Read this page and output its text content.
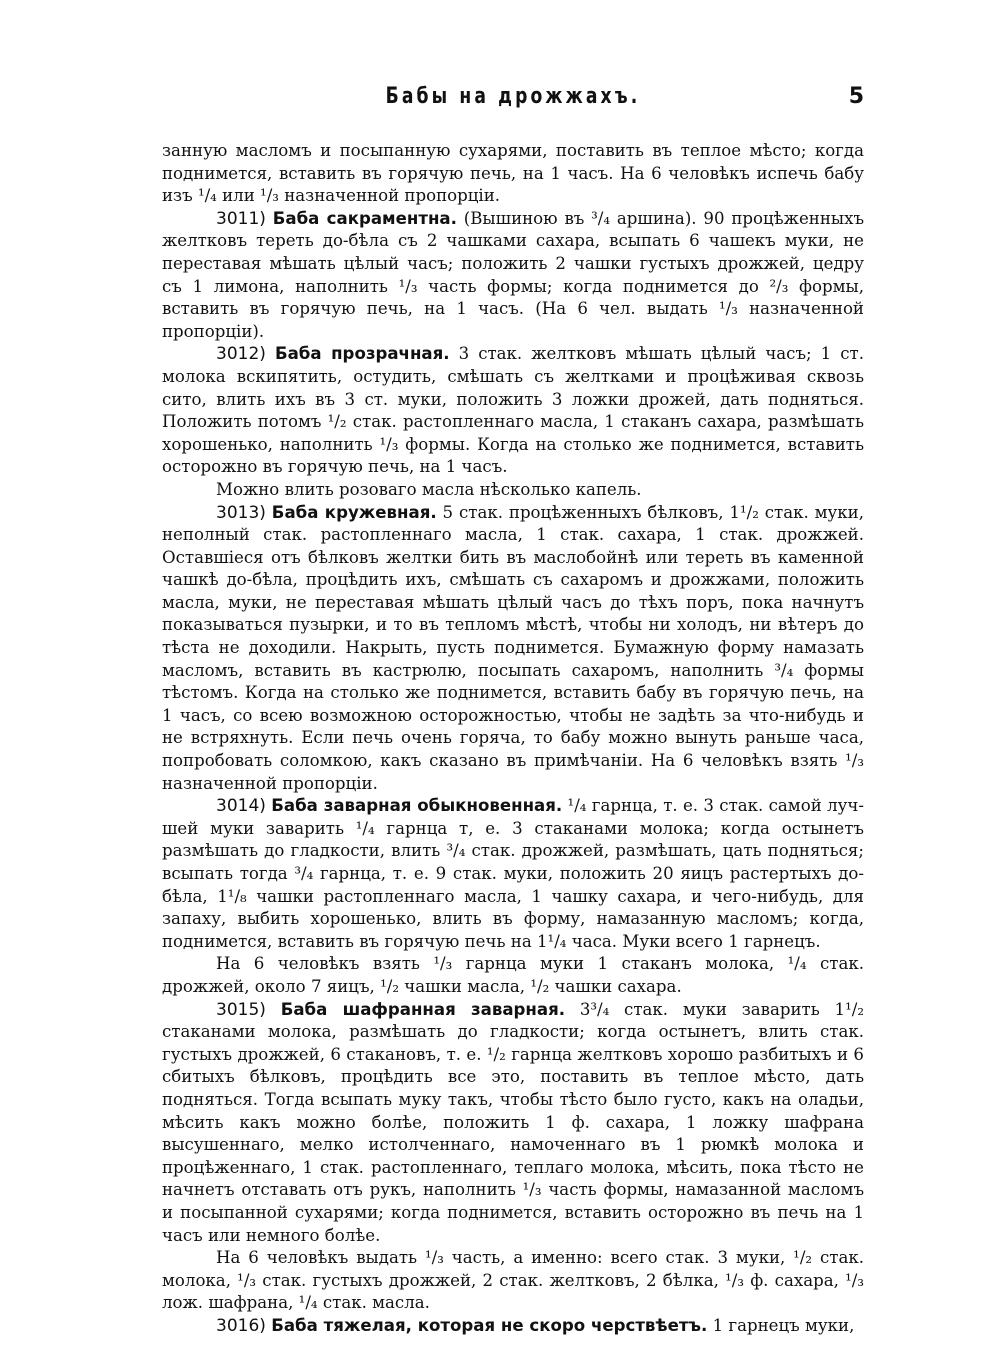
Бабы на дрожжахъ.	5

занную масломъ и посыпанную сухарями, поставить въ теплое мѣсто; когда поднимется, вставить въ горячую печь, на 1 часъ. На 6 человѣкъ испечь бабу изъ ¹/₄ или ¹/₃ назначенной пропорціи.

3011) Баба сакраментна. (Вышиною въ ³/₄ аршина). 90 процѣженныхъ желтковъ тереть до-бѣла съ 2 чашками сахара, всыпать 6 чашекъ муки, не переставая мѣшать цѣлый часъ; положить 2 чашки густыхъ дрожжей, цедру съ 1 лимона, наполнить ¹/₃ часть формы; когда поднимется до ²/₃ формы, вставить въ горячую печь, на 1 часъ. (На 6 чел. выдать ¹/₃ назначенной пропорціи).

3012) Баба прозрачная. 3 стак. желтковъ мѣшать цѣлый часъ; 1 ст. молока вскипятить, остудить, смѣшать съ желтками и процѣживая сквозь сито, влить ихъ въ 3 ст. муки, положить 3 ложки дрожей, дать подняться. Положить потомъ ¹/₂ стак. растопленнаго масла, 1 стаканъ сахара, размѣшать хорошенько, наполнить ¹/₃ формы. Когда на столько же поднимется, вставить осторожно въ горячую печь, на 1 часъ.

Можно влить розоваго масла нѣсколько капель.

3013) Баба кружевная. 5 стак. процѣженныхъ бѣлковъ, 1¹/₂ стак. муки, неполный стак. растопленнаго масла, 1 стак. сахара, 1 стак. дрожжей. Оставшіеся отъ бѣлковъ желтки бить въ маслобойнѣ или тереть въ каменной чашкѣ до-бѣла, процѣдить ихъ, смѣшать съ сахаромъ и дрожжами, положить масла, муки, не переставая мѣшать цѣлый часъ до тѣхъ поръ, пока начнутъ показываться пузырки, и то въ тепломъ мѣстѣ, чтобы ни холодъ, ни вѣтеръ до тѣста не доходили. Накрыть, пусть поднимется. Бумажную форму намазать масломъ, вставить въ кастрюлю, посыпать сахаромъ, наполнить ³/₄ формы тѣстомъ. Когда на столько же поднимется, вставить бабу въ горячую печь, на 1 часъ, со всею возможною осторожностью, чтобы не задѣть за что-нибудь и не встряхнуть. Если печь очень горяча, то бабу можно вынуть раньше часа, попробовать соломкою, какъ сказано въ примѣчаніи. На 6 человѣкъ взять ¹/₃ назначенной пропорціи.

3014) Баба заварная обыкновенная. ¹/₄ гарнца, т. е. 3 стак. самой лучшей муки заварить ¹/₄ гарнца т, е. 3 стаканами молока; когда остынетъ размѣшать до гладкости, влить ³/₄ стак. дрожжей, размѣшать, цать подняться; всыпать тогда ³/₄ гарнца, т. е. 9 стак. муки, положить 20 яицъ растертыхъ до-бѣла, 1¹/₈ чашки растопленнаго масла, 1 чашку сахара, и чего-нибудь, для запаху, выбить хорошенько, влить въ форму, намазанную масломъ; когда, поднимется, вставить въ горячую печь на 1¹/₄ часа. Муки всего 1 гарнецъ.

На 6 человѣкъ взять ¹/₃ гарнца муки 1 стаканъ молока, ¹/₄ стак. дрожжей, около 7 яицъ, ¹/₂ чашки масла, ¹/₂ чашки сахара.

3015) Баба шафранная заварная. 3³/₄ стак. муки заварить 1¹/₂ стаканами молока, размѣшать до гладкости; когда остынетъ, влить стак. густыхъ дрожжей, 6 стакановъ, т. е. ¹/₂ гарнца желтковъ хорошо разбитыхъ и 6 сбитыхъ бѣлковъ, процѣдить все это, поставить въ теплое мѣсто, дать подняться. Тогда всыпать муку такъ, чтобы тѣсто было густо, какъ на оладьи, мѣсить какъ можно болѣе, положить 1 ф. сахара, 1 ложку шафрана высушеннаго, мелко истолченнаго, намоченнаго въ 1 рюмкѣ молока и процѣженнаго, 1 стак. растопленнаго, теплаго молока, мѣсить, пока тѣсто не начнетъ отставать отъ рукъ, наполнить ¹/₃ часть формы, намазанной масломъ и посыпанной сухарями; когда поднимется, вставить осторожно въ печь на 1 часъ или немного болѣе.

На 6 человѣкъ выдать ¹/₃ часть, а именно: всего стак. 3 муки, ¹/₂ стак. молока, ¹/₃ стак. густыхъ дрожжей, 2 стак. желтковъ, 2 бѣлка, ¹/₃ ф. сахара, ¹/₃ лож. шафрана, ¹/₄ стак. масла.

3016) Баба тяжелая, которая не скоро черствѣетъ. 1 гарнецъ муки,
